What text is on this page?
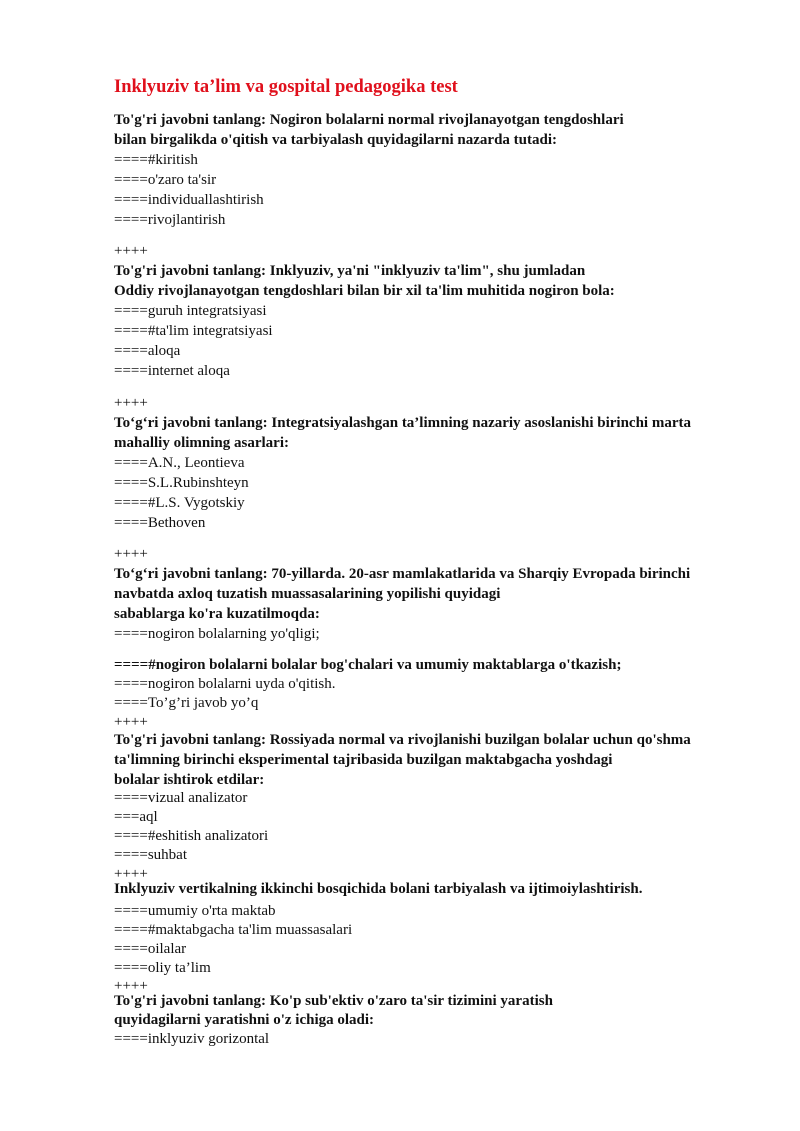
Inklyuziv ta’lim va gospital pedagogika test
To'g'ri javobni tanlang: Nogiron bolalarni normal rivojlanayotgan tengdoshlari
bilan birgalikda o'qitish va tarbiyalash quyidagilarni nazarda tutadi:
====#kiritish
====o'zaro ta'sir
====individuallashtirish
====rivojlantirish
++++
To'g'ri javobni tanlang: Inklyuziv, ya'ni "inklyuziv ta'lim", shu jumladan
Oddiy rivojlanayotgan tengdoshlari bilan bir xil ta'lim muhitida nogiron bola:
====guruh integratsiyasi
====#ta'lim integratsiyasi
====aloqa
====internet aloqa
++++
To‘g‘ri javobni tanlang: Integratsiyalashgan ta’limning nazariy asoslanishi birinchi marta
mahalliy olimning asarlari:
====A.N., Leontieva
====S.L.Rubinshteyn
====#L.S. Vygotskiy
====Bethoven
++++
To‘g‘ri javobni tanlang: 70-yillarda. 20-asr mamlakatlarida va Sharqiy Evropada birinchi
navbatda axloq tuzatish muassasalarining yopilishi quyidagi
sabablarga ko'ra kuzatilmoqda:
====nogiron bolalarning yo'qligi;
====#nogiron bolalarni bolalar bog'chalari va umumiy maktablarga o'tkazish;
====nogiron bolalarni uyda o'qitish.
====To’g’ri javob yo’q
++++
To'g'ri javobni tanlang: Rossiyada normal va rivojlanishi buzilgan bolalar uchun qo'shma
ta'limning birinchi eksperimental tajribasida buzilgan maktabgacha yoshdagi
bolalar ishtirok etdilar:
====vizual analizator
===aql
====#eshitish analizatori
====suhbat
++++
Inklyuziv vertikalning ikkinchi bosqichida bolani tarbiyalash va ijtimoiylashtirish.
====umumiy o'rta maktab
====#maktabgacha ta'lim muassasalari
====oilalar
====oliy ta’lim
++++
To'g'ri javobni tanlang: Ko'p sub'ektiv o'zaro ta'sir tizimini yaratish
quyidagilarni yaratishni o'z ichiga oladi:
====inklyuziv gorizontal
